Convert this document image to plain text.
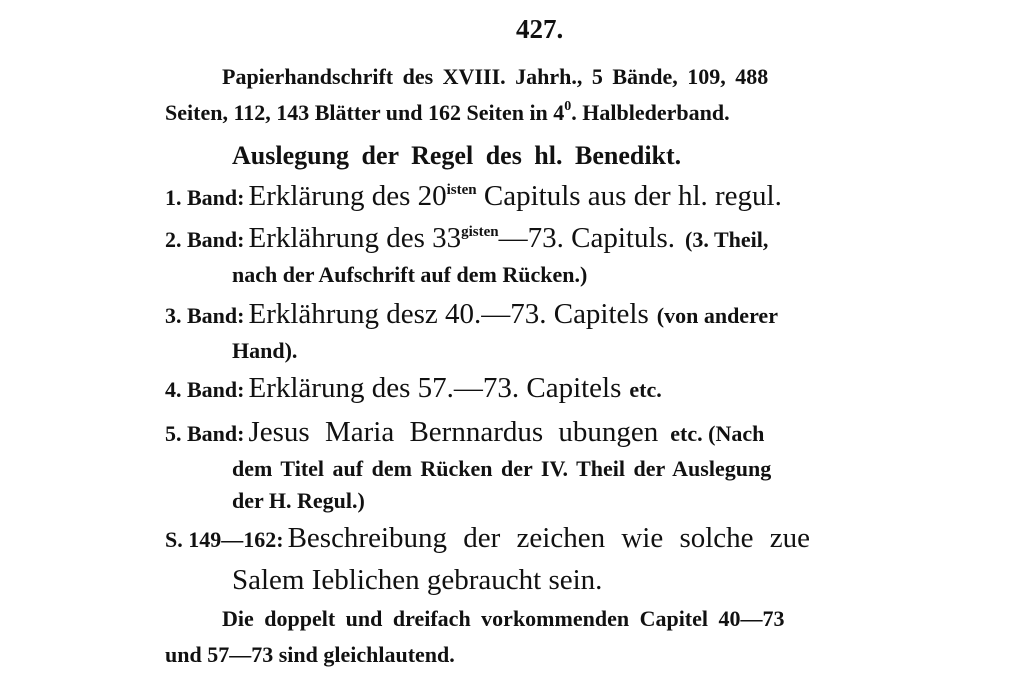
427.
Papierhandschrift des XVIII. Jahrh., 5 Bände, 109, 488
Seiten, 112, 143 Blätter und 162 Seiten in $4^0$. Halblederband.
Auslegung der Regel des hl. Benedikt.
1. Band: Erklärung des 20isten Capituls aus der hl. regul.
2. Band: Erklährung des 33gisten—73. Capituls. (3. Theil,
nach der Aufschrift auf dem Rücken.)
3. Band: Erklährung desz 40.—73. Capitels (von anderer
Hand).
4. Band: Erklärung des 57.—73. Capitels etc.
5. Band: Jesus Maria Bernnardus ubungen etc. (Nach
dem Titel auf dem Rücken der IV. Theil der Auslegung
der H. Regul.)
S. 149—162: Beschreibung der zeichen wie solche zue
Salem Ieblichen gebraucht sein.
Die doppelt und dreifach vorkommenden Capitel 40—73
und 57—73 sind gleichlautend.
